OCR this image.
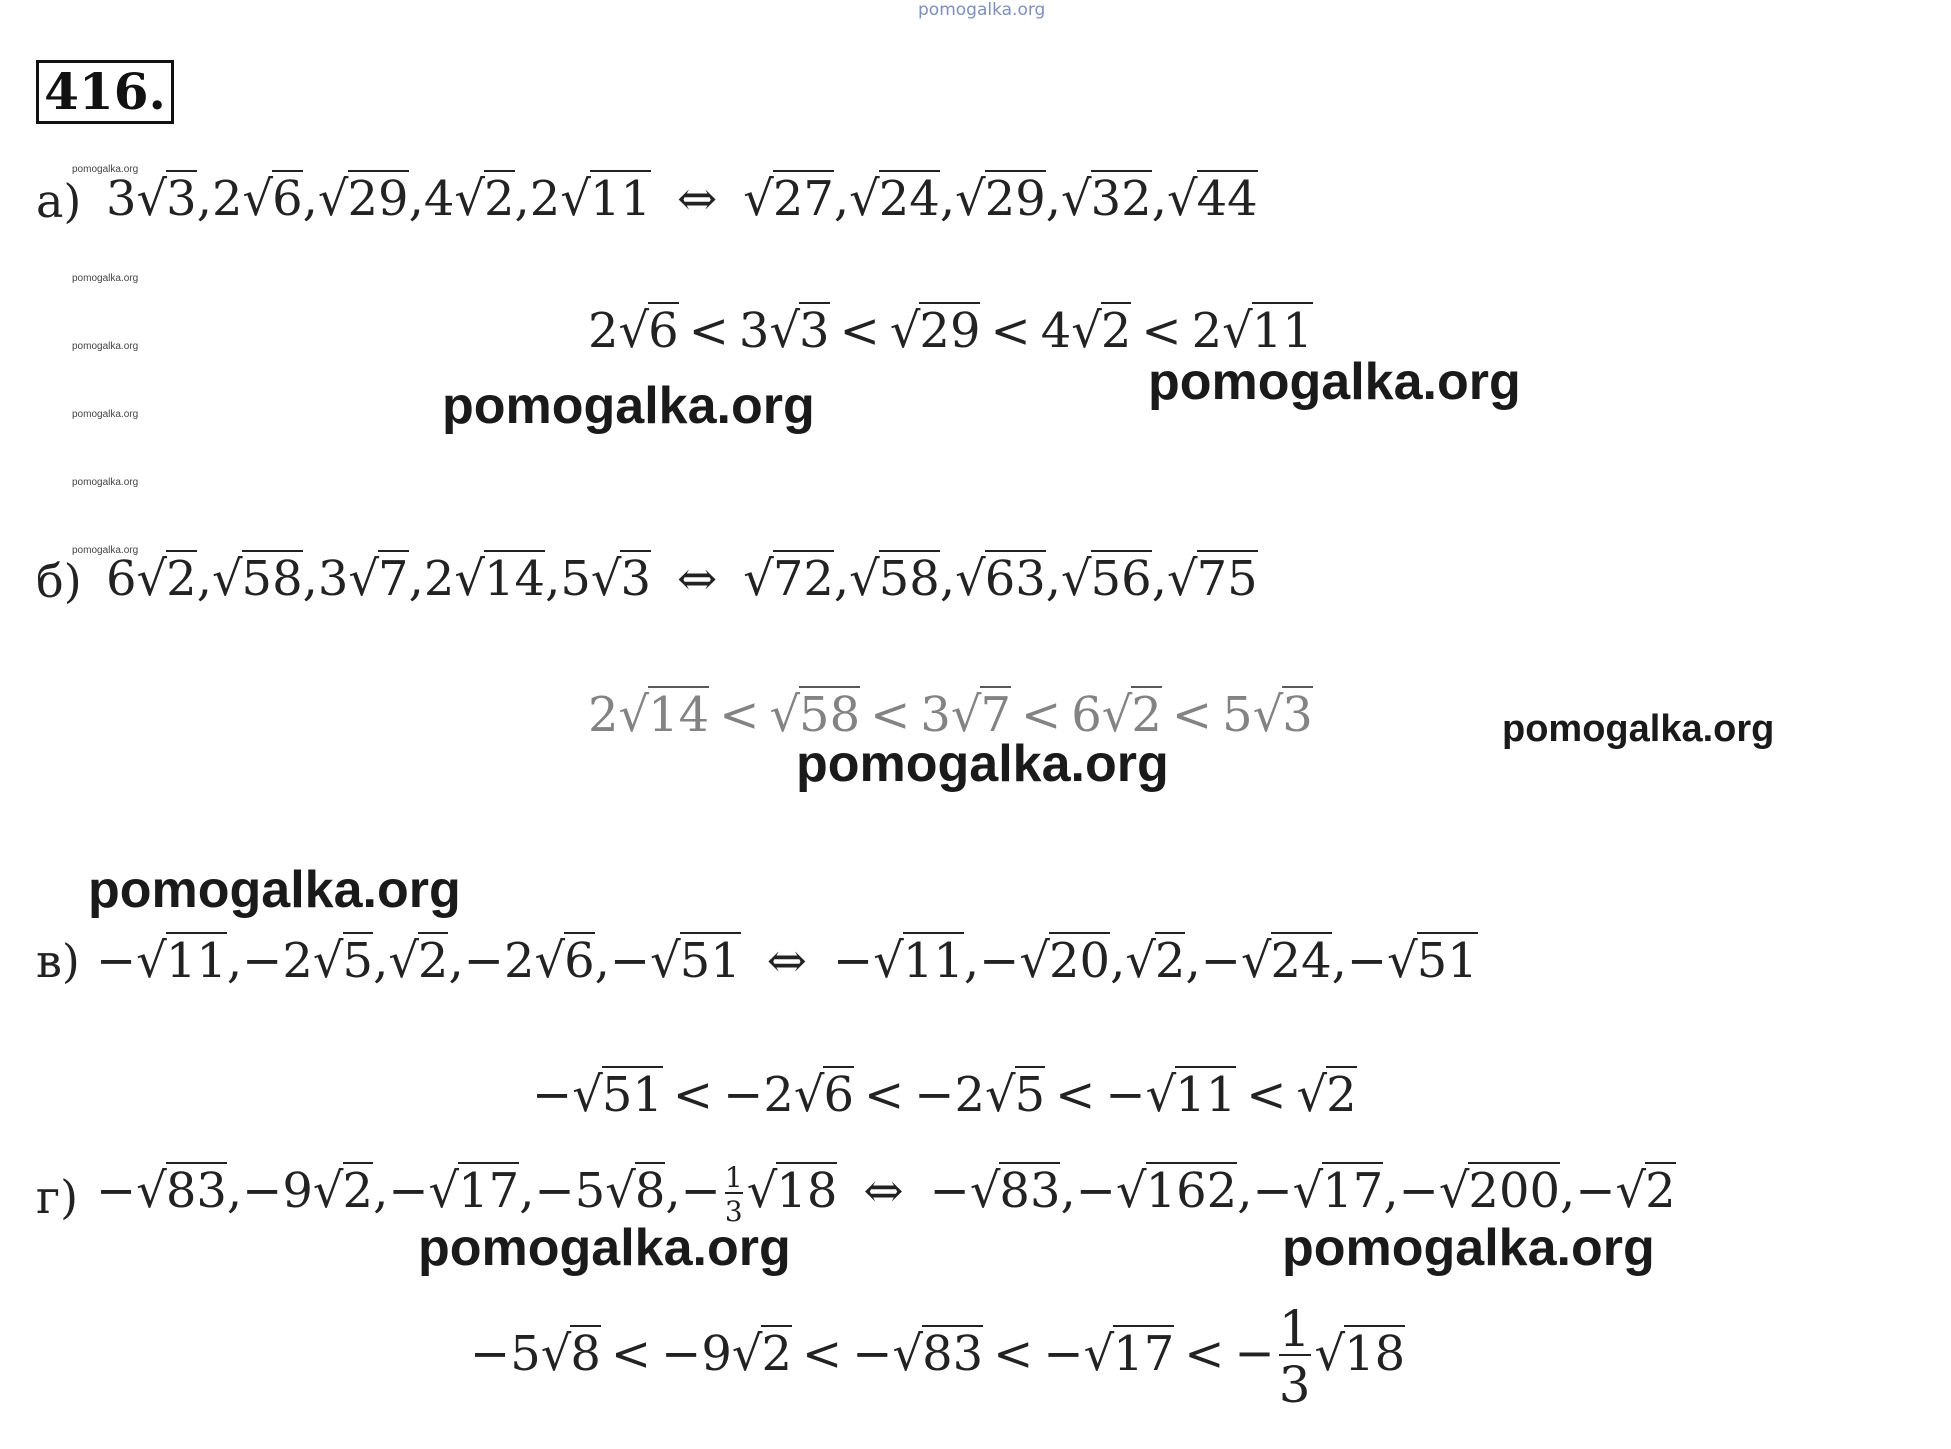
pomogalka.org
416.
pomogalka.org
pomogalka.org
pomogalka.org
pomogalka.org
pomogalka.org
pomogalka.org
а)
б)
в)
г)
3√3,2√6,√29,4√2,2√11 ⇔ √27,√24,√29,√32,√44
2√6 < 3√3 < √29 < 4√2 < 2√11
6√2,√58,3√7,2√14,5√3 ⇔ √72,√58,√63,√56,√75
2√14 < √58 < 3√7 < 6√2 < 5√3
−√11,−2√5,√2,−2√6,−√51 ⇔ −√11,−√20,√2,−√24,−√51
−√51 < −2√6 < −2√5 < −√11 < √2
$-√83,-9√2,-√17,-5√8,- \frac{1}{3} √18$ ⇔ −√83,−√162,−√17,−√200,−√2
−5√8 < −9√2 < −√83 < −√17 < − $\frac{1}{3} √18$
pomogalka.org	pomogalka.org
pomogalka.org
pomogalka.org
pomogalka.org
pomogalka.org	pomogalka.org
